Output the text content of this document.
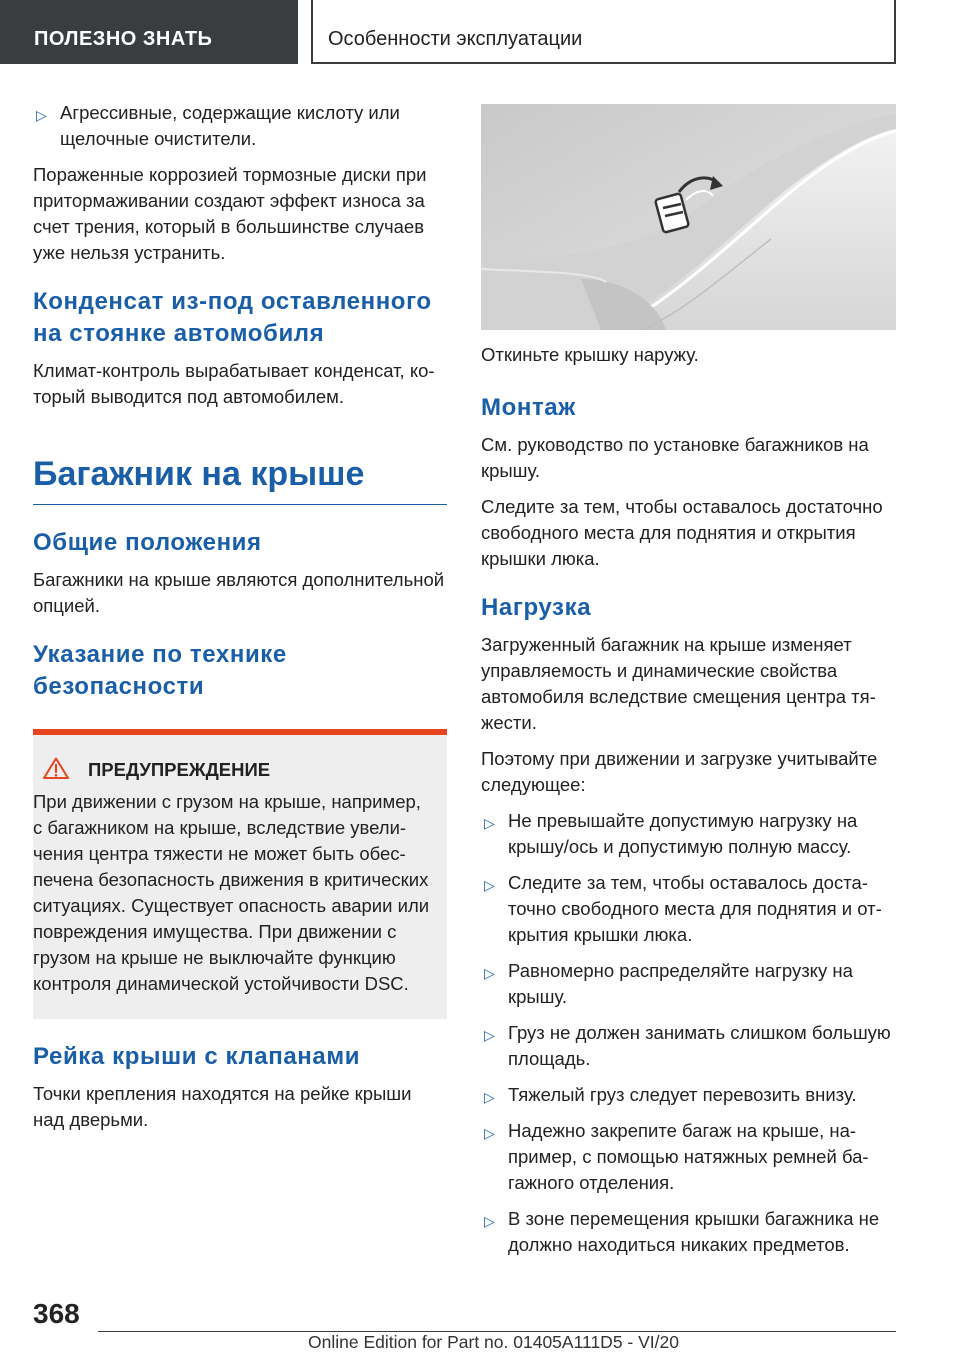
ПОЛЕЗНО ЗНАТЬ	Особенности эксплуатации
▷ Агрессивные, содержащие кислоту или щелочные очистители.

Пораженные коррозией тормозные диски при притормаживании создают эффект износа за счет трения, который в большинстве случаев уже нельзя устранить.

Конденсат из-под оставленного на стоянке автомобиля

Климат-контроль вырабатывает конденсат, который выводится под автомобилем.

Багажник на крыше
Общие положения

Багажники на крыше являются дополнительной опцией.

Указание по технике безопасности
ПРЕДУПРЕЖДЕНИЕ
При движении с грузом на крыше, например, с багажником на крыше, вследствие увеличения центра тяжести не может быть обеспечена безопасность движения в критических ситуациях. Существует опасность аварии или повреждения имущества. При движении с грузом на крыше не выключайте функцию контроля динамической устойчивости DSC.
Рейка крыши с клапанами

Точки крепления находятся на рейке крыши над дверьми.

Откиньте крышку наружу.

Монтаж

См. руководство по установке багажников на крышу.

Следите за тем, чтобы оставалось достаточно свободного места для поднятия и открытия крышки люка.

Нагрузка

Загруженный багажник на крыше изменяет управляемость и динамические свойства автомобиля вследствие смещения центра тяжести.

Поэтому при движении и загрузке учитывайте следующее:

▷ Не превышайте допустимую нагрузку на крышу/ось и допустимую полную массу.
▷ Следите за тем, чтобы оставалось достаточно свободного места для поднятия и открытия крышки люка.
▷ Равномерно распределяйте нагрузку на крышу.
▷ Груз не должен занимать слишком большую площадь.
▷ Тяжелый груз следует перевозить внизу.
▷ Надежно закрепите багаж на крыше, например, с помощью натяжных ремней багажного отделения.
▷ В зоне перемещения крышки багажника не должно находиться никаких предметов.
368
Online Edition for Part no. 01405A111D5 - VI/20
